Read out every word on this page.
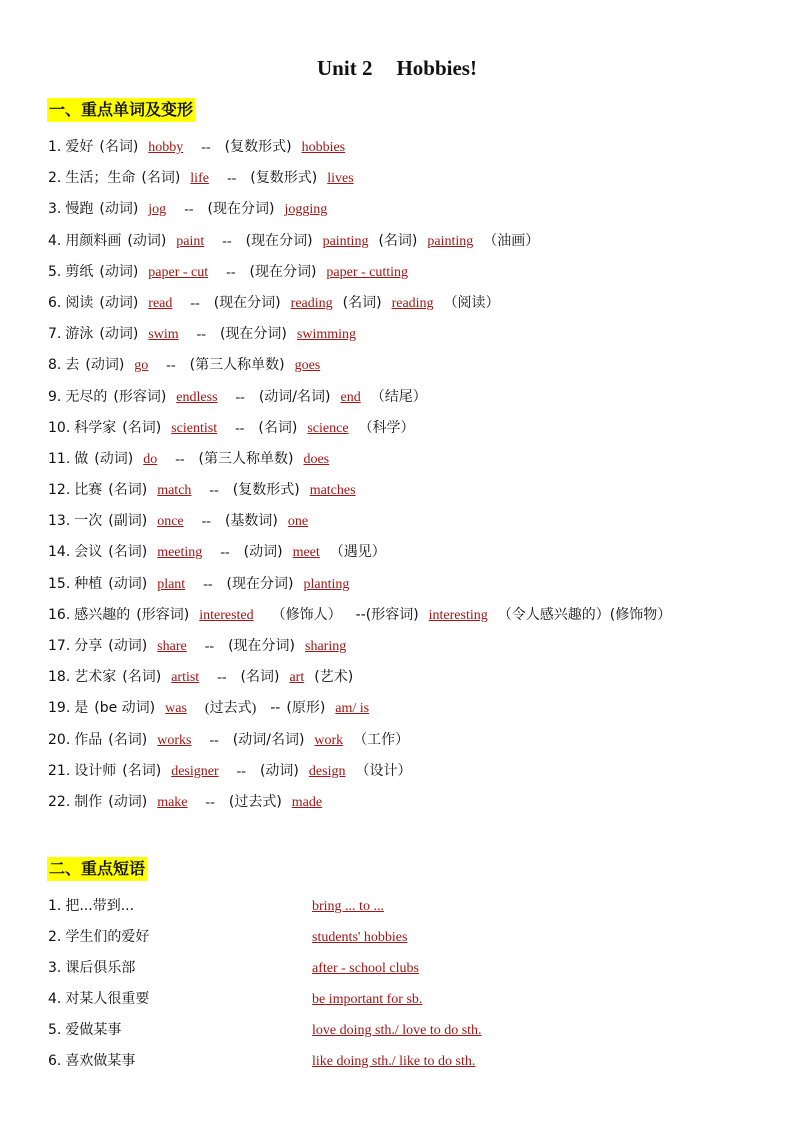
Unit 2 Hobbies!
一、重点单词及变形
1. 爱好 (名词) hobby -- (复数形式) hobbies
2. 生活；生命 (名词) life -- (复数形式) lives
3. 慢跑 (动词) jog -- (现在分词) jogging
4. 用颜料画 (动词) paint -- (现在分词) painting (名词) painting （油画）
5. 剪纸 (动词) paper - cut -- (现在分词) paper - cutting
6. 阅读 (动词) read -- (现在分词) reading (名词) reading （阅读）
7. 游泳 (动词) swim -- (现在分词) swimming
8. 去 (动词) go -- (第三人称单数) goes
9. 无尽的 (形容词) endless -- (动词/名词) end （结尾）
10. 科学家 (名词) scientist -- (名词) science （科学）
11. 做 (动词) do -- (第三人称单数) does
12. 比赛 (名词) match -- (复数形式) matches
13. 一次 (副词) once -- (基数词) one
14. 会议 (名词) meeting -- (动词) meet （遇见）
15. 种植 (动词) plant -- (现在分词) planting
16. 感兴趣的 (形容词) interested （修饰人） --(形容词) interesting （令人感兴趣的）(修饰物）
17. 分享 (动词) share -- (现在分词) sharing
18. 艺术家 (名词) artist -- (名词) art (艺术)
19. 是 (be 动词) was (过去式) -- (原形) am/ is
20. 作品 (名词) works -- (动词/名词) work （工作）
21. 设计师 (名词) designer -- (动词) design （设计）
22. 制作 (动词) make -- (过去式) made
二、重点短语
1. 把...带到...	bring ... to ...
2. 学生们的爱好	students' hobbies
3. 课后俱乐部	after - school clubs
4. 对某人很重要	be important for sb.
5. 爱做某事	love doing sth./ love to do sth.
6. 喜欢做某事	like doing sth./ like to do sth.
